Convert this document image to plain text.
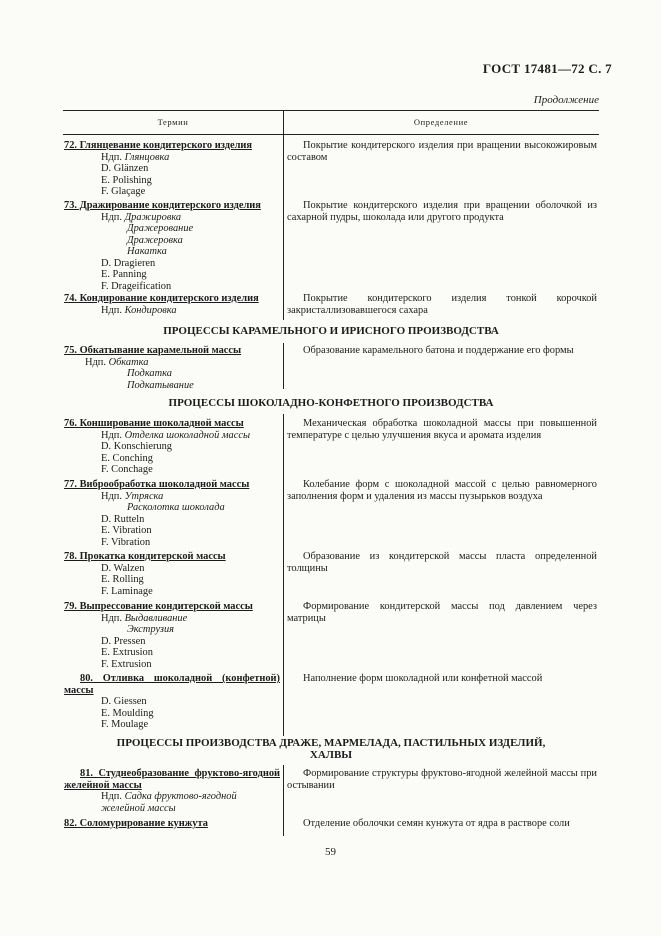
ГОСТ 17481—72 С. 7
Продолжение
Термин	Определение
72. Глянцевание кондитерского изделия
Ндп. Глянцовка
D. Glänzen
E. Polishing
F. Glaçage
Покрытие кондитерского изделия при вращении высокожировым составом
73. Дражирование кондитерского изделия
Ндп. Дражировка
Дражерование
Дражеровка
Накатка
D. Dragieren
E. Panning
F. Drageification
Покрытие кондитерского изделия при вращении оболочкой из сахарной пудры, шоколада или другого продукта
74. Кондирование кондитерского изделия
Ндп. Кондировка
Покрытие кондитерского изделия тонкой корочкой закристаллизовавшегося сахара
ПРОЦЕССЫ КАРАМЕЛЬНОГО И ИРИСНОГО ПРОИЗВОДСТВА
75. Обкатывание карамельной массы
Ндп. Обкатка
Подкатка
Подкатывание
Образование карамельного батона и поддержание его формы
ПРОЦЕССЫ ШОКОЛАДНО-КОНФЕТНОГО ПРОИЗВОДСТВА
76. Конширование шоколадной массы
Ндп. Отделка шоколадной массы
D. Konschierung
E. Conching
F. Conchage
Механическая обработка шоколадной массы при повышенной температуре с целью улучшения вкуса и аромата изделия
77. Виброобработка шоколадной массы
Ндп. Утряска
Расколотка шоколада
D. Rutteln
E. Vibration
F. Vibration
Колебание форм с шоколадной массой с целью равномерного заполнения форм и удаления из массы пузырьков воздуха
78. Прокатка кондитерской массы
D. Walzen
E. Rolling
F. Laminage
Образование из кондитерской массы пласта определенной толщины
79. Выпрессование кондитерской массы
Ндп. Выдавливание
Экструзия
D. Pressen
E. Extrusion
F. Extrusion
Формирование кондитерской массы под давлением через матрицы
80. Отливка шоколадной (конфетной) массы
D. Giessen
E. Moulding
F. Moulage
Наполнение форм шоколадной или конфетной массой
ПРОЦЕССЫ ПРОИЗВОДСТВА ДРАЖЕ, МАРМЕЛАДА, ПАСТИЛЬНЫХ ИЗДЕЛИЙ, ХАЛВЫ
81. Студнеобразование фруктово-ягодной желейной массы
Ндп. Садка фруктово-ягодной желейной массы
Формирование структуры фруктово-ягодной желейной массы при остывании
82. Соломурирование кунжута	Отделение оболочки семян кунжута от ядра в растворе соли
59
